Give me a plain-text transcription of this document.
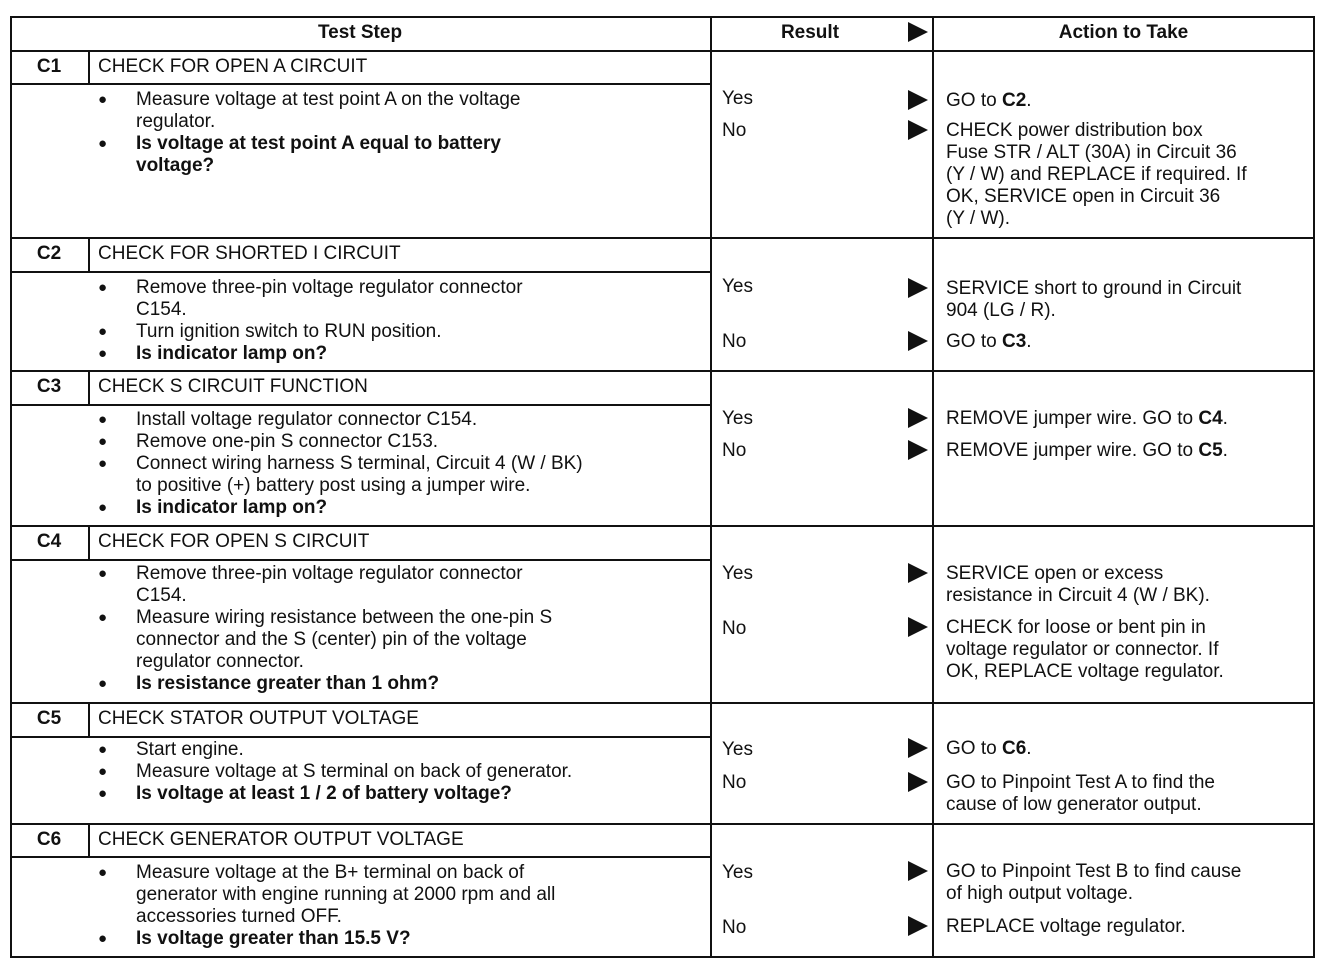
Test Step	Result	Action to Take
C1	CHECK FOR OPEN A CIRCUIT
● Measure voltage at test point A on the voltage
regulator.
● Is voltage at test point A equal to battery
voltage?
Yes	GO to C2.
No	CHECK power distribution box
Fuse STR / ALT (30A) in Circuit 36
(Y / W) and REPLACE if required. If
OK, SERVICE open in Circuit 36
(Y / W).
C2	CHECK FOR SHORTED I CIRCUIT
● Remove three-pin voltage regulator connector
C154.
● Turn ignition switch to RUN position.
● Is indicator lamp on?
Yes	SERVICE short to ground in Circuit
904 (LG / R).
No	GO to C3.
C3	CHECK S CIRCUIT FUNCTION
● Install voltage regulator connector C154.
● Remove one-pin S connector C153.
● Connect wiring harness S terminal, Circuit 4 (W / BK)
to positive (+) battery post using a jumper wire.
● Is indicator lamp on?
Yes	REMOVE jumper wire. GO to C4.
No	REMOVE jumper wire. GO to C5.
C4	CHECK FOR OPEN S CIRCUIT
● Remove three-pin voltage regulator connector
C154.
● Measure wiring resistance between the one-pin S
connector and the S (center) pin of the voltage
regulator connector.
● Is resistance greater than 1 ohm?
Yes	SERVICE open or excess
resistance in Circuit 4 (W / BK).
No	CHECK for loose or bent pin in
voltage regulator or connector. If
OK, REPLACE voltage regulator.
C5	CHECK STATOR OUTPUT VOLTAGE
● Start engine.
● Measure voltage at S terminal on back of generator.
● Is voltage at least 1 / 2 of battery voltage?
Yes	GO to C6.
No	GO to Pinpoint Test A to find the
cause of low generator output.
C6	CHECK GENERATOR OUTPUT VOLTAGE
● Measure voltage at the B+ terminal on back of
generator with engine running at 2000 rpm and all
accessories turned OFF.
● Is voltage greater than 15.5 V?
Yes	GO to Pinpoint Test B to find cause
of high output voltage.
No	REPLACE voltage regulator.
